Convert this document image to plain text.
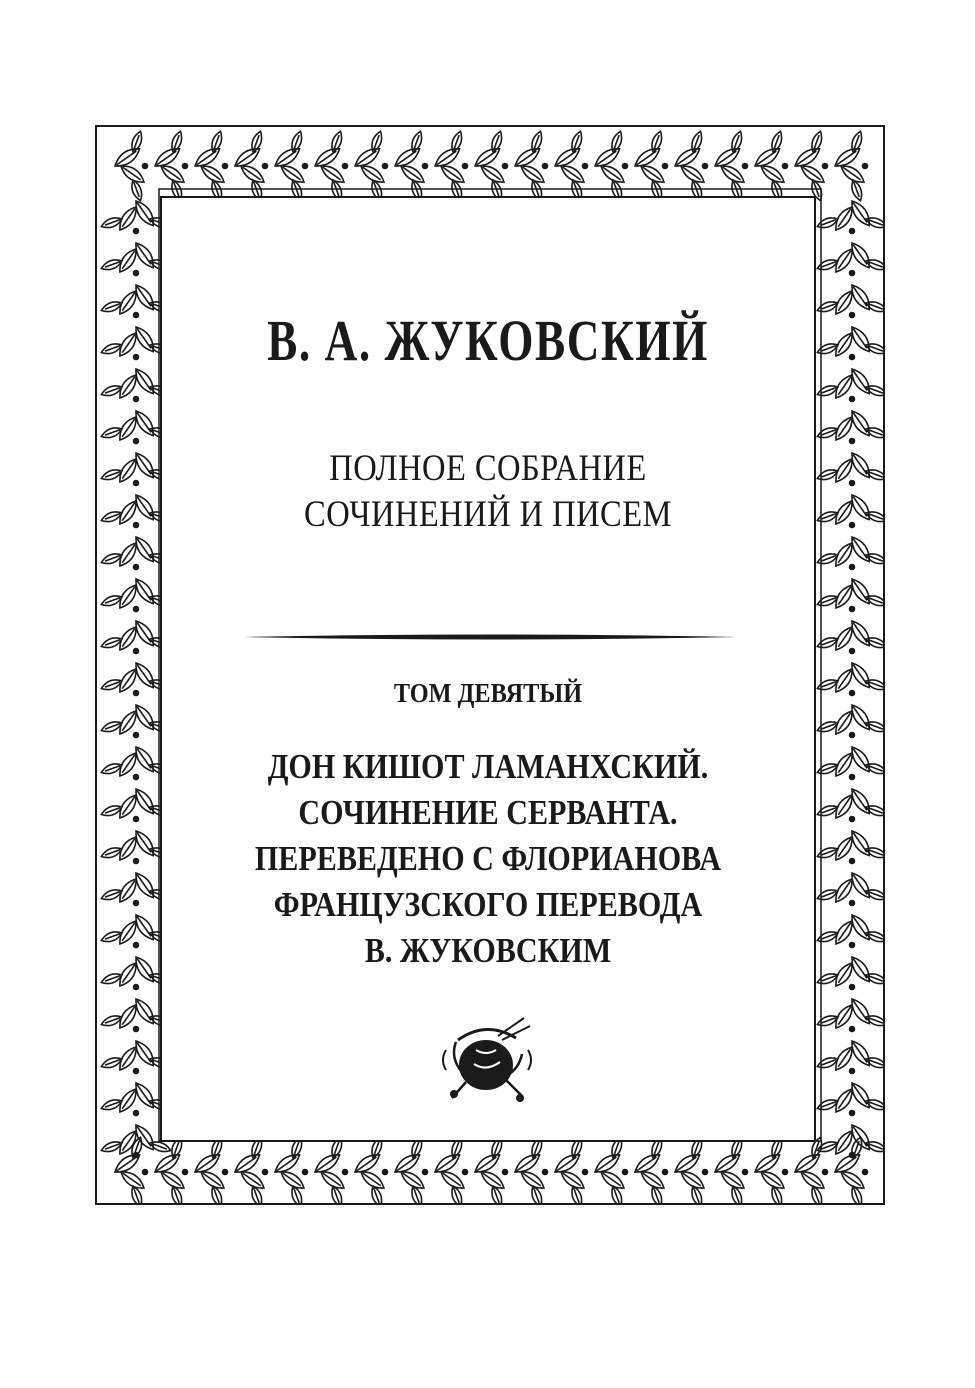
В. А. ЖУКОВСКИЙ
ПОЛНОЕ СОБРАНИЕ
СОЧИНЕНИЙ И ПИСЕМ
ТОМ ДЕВЯТЫЙ
ДОН КИШОТ ЛАМАНХСКИЙ.
СОЧИНЕНИЕ СЕРВАНТА.
ПЕРЕВЕДЕНО С ФЛОРИАНОВА
ФРАНЦУЗСКОГО ПЕРЕВОДА
В. ЖУКОВСКИМ
